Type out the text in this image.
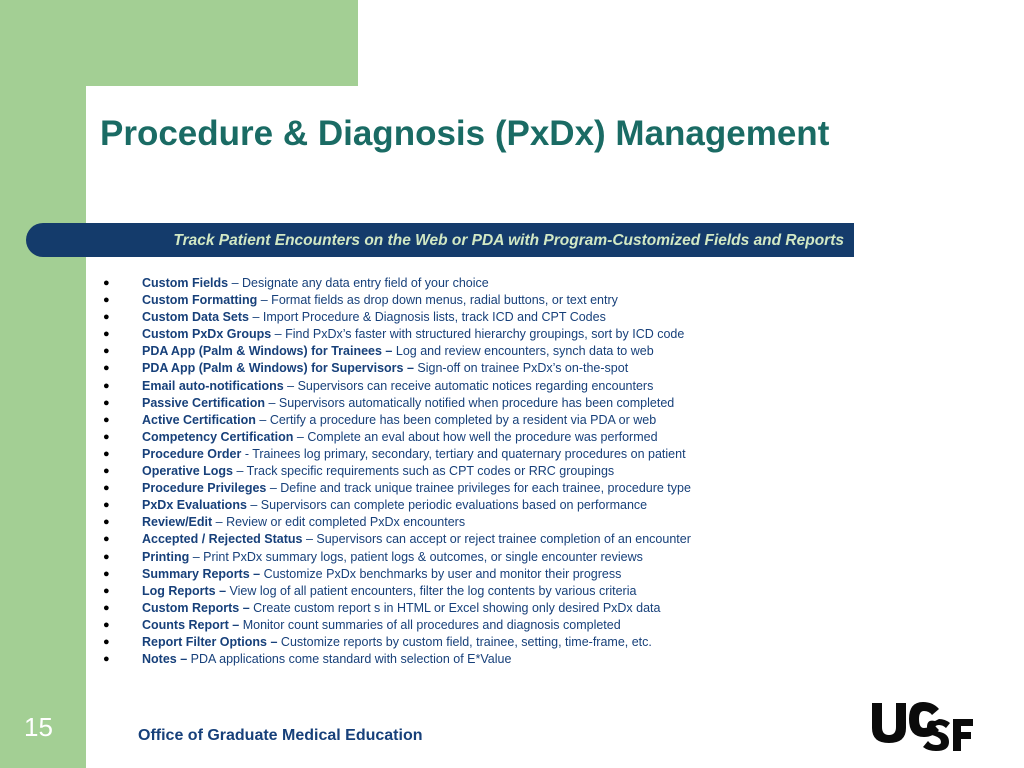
Procedure & Diagnosis (PxDx) Management
Track Patient Encounters on the Web or PDA with Program-Customized Fields and Reports
●	Custom Fields – Designate any data entry field of your choice
●	Custom Formatting – Format fields as drop down menus, radial buttons, or text entry
●	Custom Data Sets – Import Procedure & Diagnosis lists, track ICD and CPT Codes
●	Custom PxDx Groups – Find PxDx’s faster with structured hierarchy groupings, sort by ICD code
●	PDA App (Palm & Windows) for Trainees – Log and review encounters, synch data to web
●	PDA App (Palm & Windows) for Supervisors – Sign-off on trainee PxDx’s on-the-spot
●	Email auto-notifications – Supervisors can receive automatic notices regarding encounters
●	Passive Certification – Supervisors automatically notified when procedure has been completed
●	Active Certification – Certify a procedure has been completed by a resident via PDA or web
●	Competency Certification – Complete an eval about how well the procedure was performed
●	Procedure Order - Trainees log primary, secondary, tertiary and quaternary procedures on patient
●	Operative Logs – Track specific requirements such as CPT codes or RRC groupings
●	Procedure Privileges – Define and track unique trainee privileges for each trainee, procedure type
●	PxDx Evaluations – Supervisors can complete periodic evaluations based on performance
●	Review/Edit – Review or edit completed PxDx encounters
●	Accepted / Rejected Status – Supervisors can accept or reject trainee completion of an encounter
●	Printing – Print PxDx summary logs, patient logs & outcomes, or single encounter reviews
●	Summary Reports – Customize PxDx benchmarks by user and monitor their progress
●	Log Reports – View log of all patient encounters, filter the log contents by various criteria
●	Custom Reports – Create custom report s in HTML or Excel showing only desired PxDx data
●	Counts Report – Monitor count summaries of all procedures and diagnosis completed
●	Report Filter Options – Customize reports by custom field, trainee, setting, time-frame, etc.
●	Notes – PDA applications come standard with selection of E*Value
15	Office of Graduate Medical Education
